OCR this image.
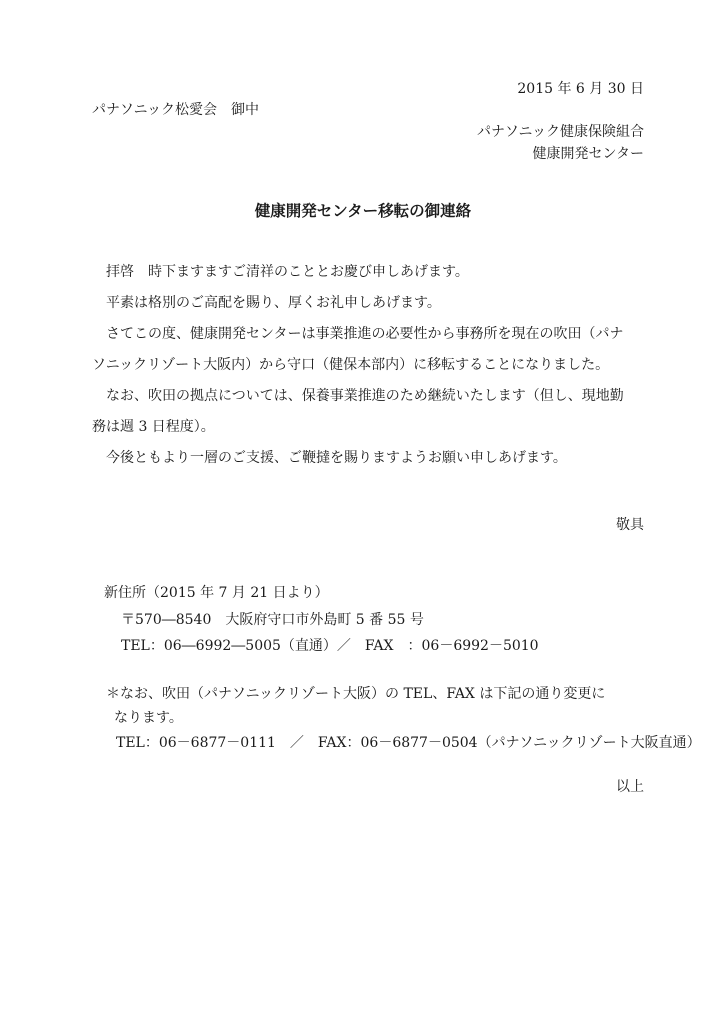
2015 年 6 月 30 日
パナソニック松愛会　御中
パナソニック健康保険組合
健康開発センター
健康開発センター移転の御連絡
拝啓　時下ますますご清祥のこととお慶び申しあげます。
平素は格別のご高配を賜り、厚くお礼申しあげます。
さてこの度、健康開発センターは事業推進の必要性から事務所を現在の吹田（パナ
ソニックリゾート大阪内）から守口（健保本部内）に移転することになりました。
なお、吹田の拠点については、保養事業推進のため継続いたします（但し、現地勤
務は週 3 日程度）。
今後ともより一層のご支援、ご鞭撻を賜りますようお願い申しあげます。
敬具
新住所（2015 年 7 月 21 日より）
〒570―8540　大阪府守口市外島町 5 番 55 号
TEL：06―6992―5005（直通）／　FAX　：06－6992－5010
＊なお、吹田（パナソニックリゾート大阪）の TEL、FAX は下記の通り変更に
なります。
TEL：06－6877－0111　／　FAX：06－6877－0504（パナソニックリゾート大阪直通）
以上
